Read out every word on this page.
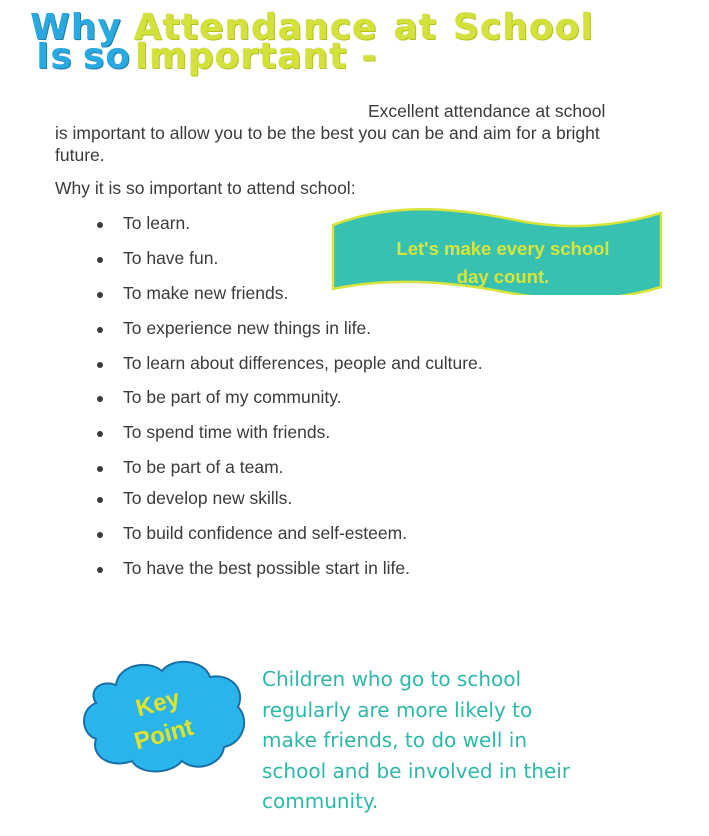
Why Attendance at School
Is so Important -
Excellent attendance at school is important to allow you to be the best you can be and aim for a bright future.
Why it is so important to attend school:
To learn.
To have fun.
To make new friends.
To experience new things in life.
To learn about differences, people and culture.
To be part of my community.
To spend time with friends.
To be part of a team.
To develop new skills.
To build confidence and self-esteem.
To have the best possible start in life.
Let's make every school
day count.
Key
Point
Children who go to school regularly are more likely to make friends, to do well in school and be involved in their community.
